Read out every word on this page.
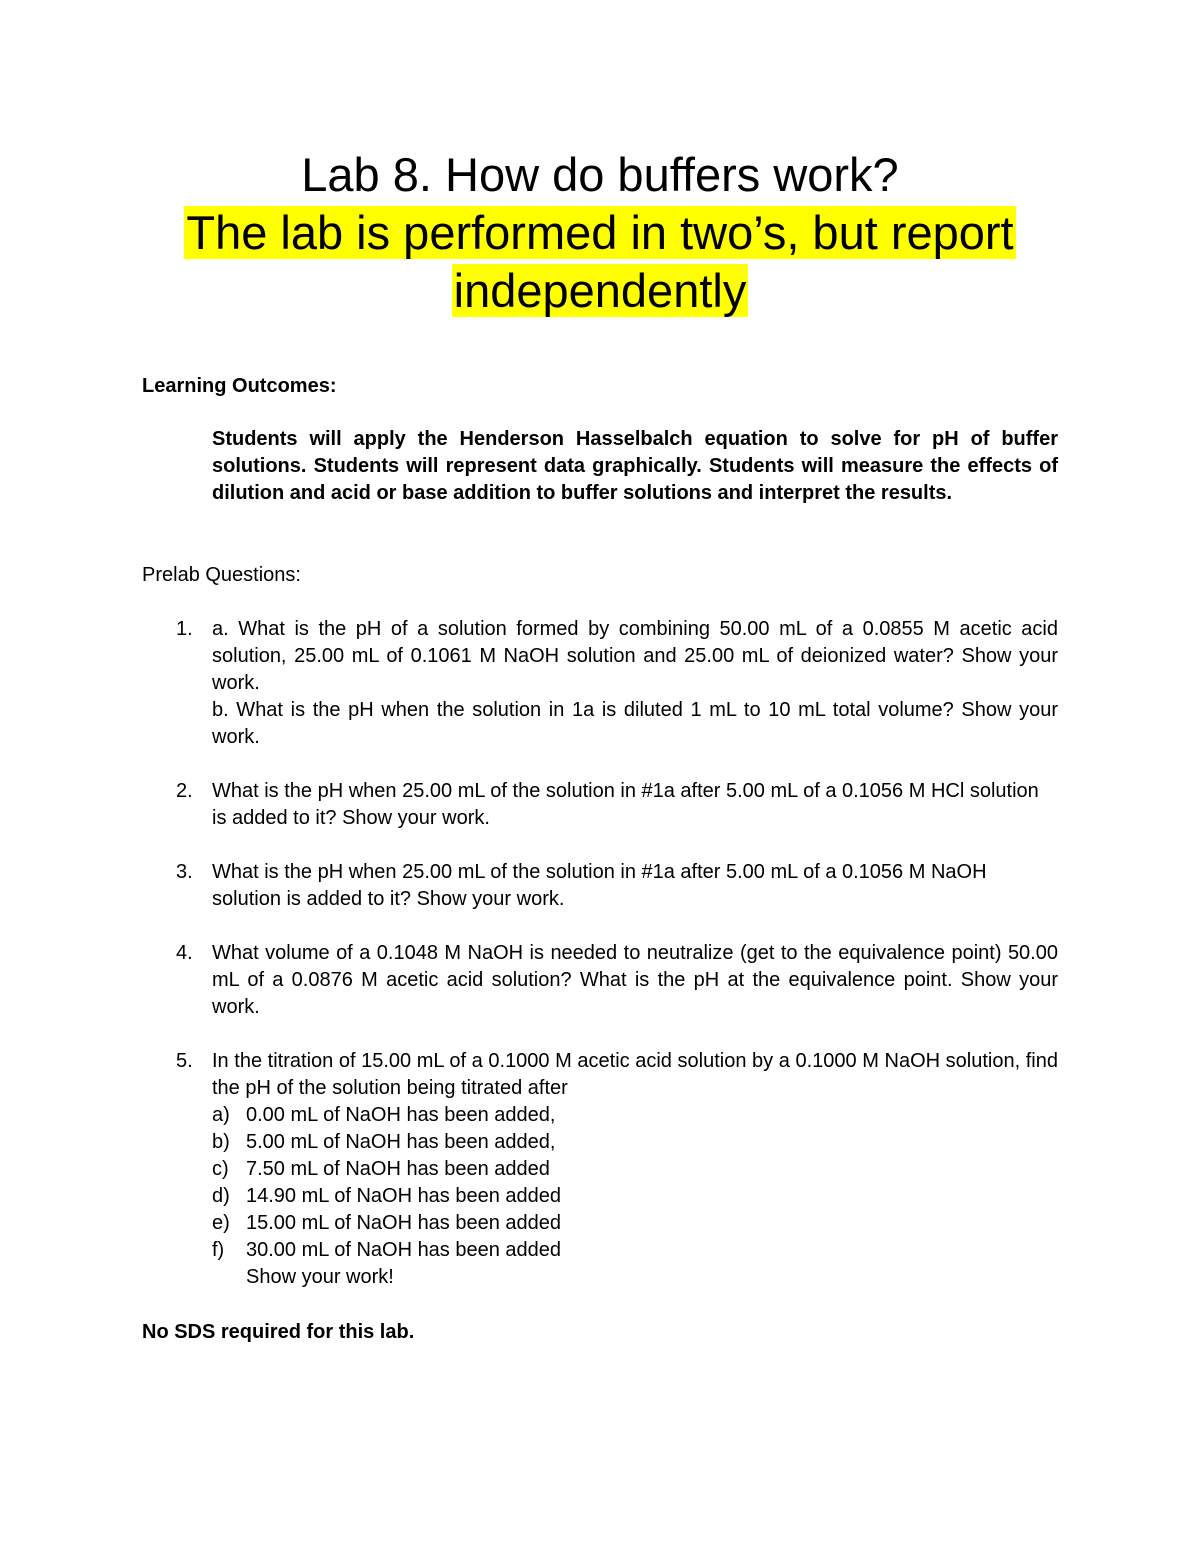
Lab 8. How do buffers work?
The lab is performed in two’s, but report independently
Learning Outcomes:
Students will apply the Henderson Hasselbalch equation to solve for pH of buffer solutions. Students will represent data graphically. Students will measure the effects of dilution and acid or base addition to buffer solutions and interpret the results.
Prelab Questions:
1. a. What is the pH of a solution formed by combining 50.00 mL of a 0.0855 M acetic acid solution, 25.00 mL of 0.1061 M NaOH solution and 25.00 mL of deionized water? Show your work.
b. What is the pH when the solution in 1a is diluted 1 mL to 10 mL total volume? Show your work.
2. What is the pH when 25.00 mL of the solution in #1a after 5.00 mL of a 0.1056 M HCl solution is added to it? Show your work.
3. What is the pH when 25.00 mL of the solution in #1a after 5.00 mL of a 0.1056 M NaOH solution is added to it? Show your work.
4. What volume of a 0.1048 M NaOH is needed to neutralize (get to the equivalence point) 50.00 mL of a 0.0876 M acetic acid solution? What is the pH at the equivalence point. Show your work.
5. In the titration of 15.00 mL of a 0.1000 M acetic acid solution by a 0.1000 M NaOH solution, find the pH of the solution being titrated after
a) 0.00 mL of NaOH has been added,
b) 5.00 mL of NaOH has been added,
c) 7.50 mL of NaOH has been added
d) 14.90 mL of NaOH has been added
e) 15.00 mL of NaOH has been added
f) 30.00 mL of NaOH has been added
Show your work!
No SDS required for this lab.
